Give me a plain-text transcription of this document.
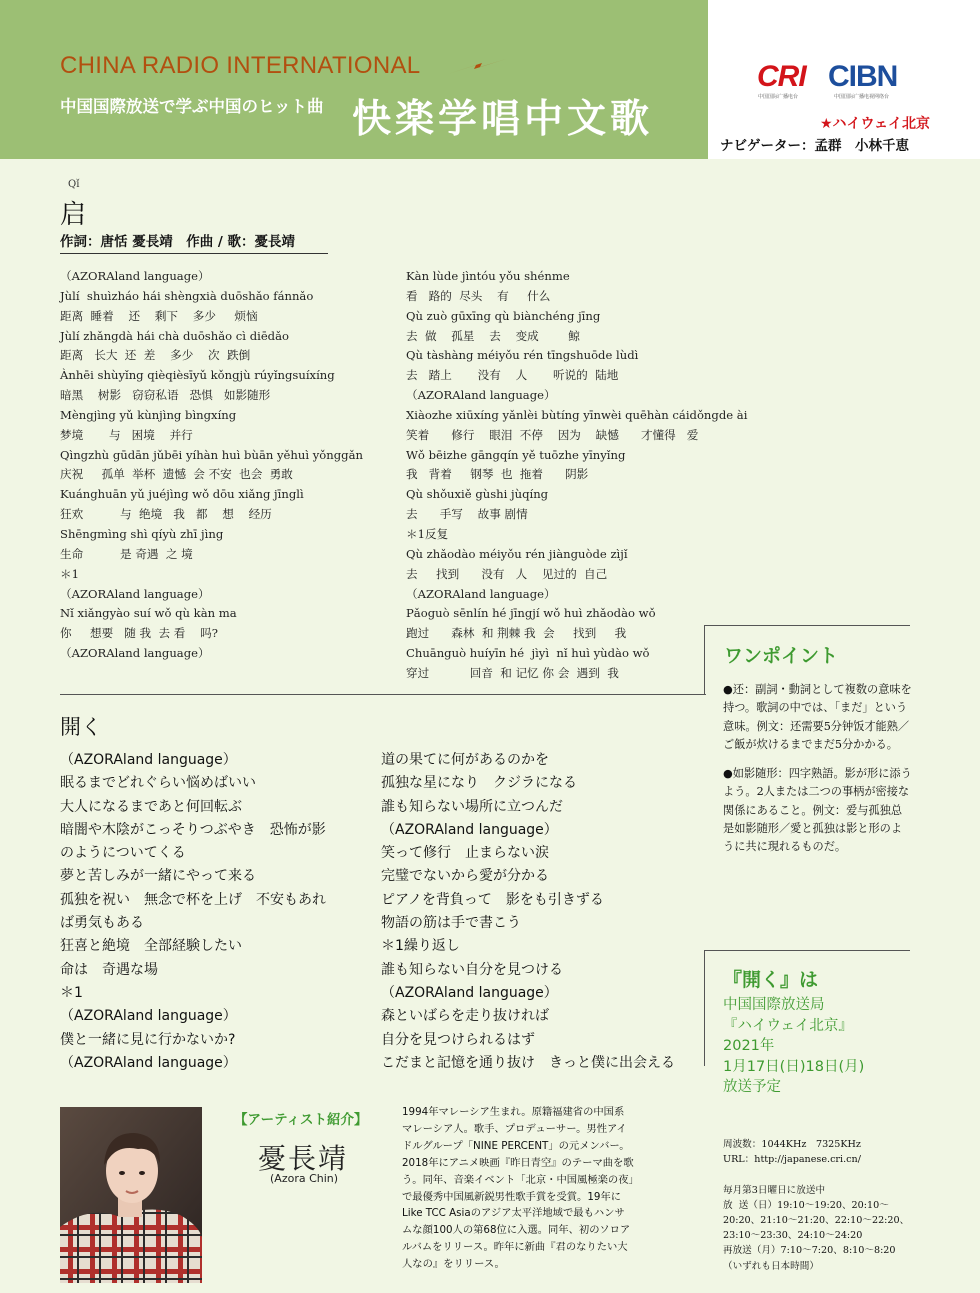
CHINA RADIO INTERNATIONAL
中国国際放送で学ぶ中国のヒット曲 快楽学唱中文歌
CRI CIBN
中国国际广播电台	中国国际广播电视网络台
★ハイウェイ北京
ナビゲーター：孟群　小林千恵
Qǐ
启
作詞：唐恬 憂長靖　作曲 / 歌：憂長靖
（AZORAland language）
Jùlí  shuìzháo hái shèngxià duōshǎo fánnǎo
距离  睡着    还    剩下    多少     烦恼
Jùlí zhǎngdà hái chà duōshǎo cì diēdǎo
距离   长大  还  差    多少    次  跌倒
Ànhēi shùyǐng qièqièsīyǔ kǒngjù rúyǐngsuíxíng
暗黑    树影   窃窃私语   恐惧   如影随形
Mèngjìng yǔ kùnjìng bìngxíng
梦境       与   困境    并行
Qìngzhù gūdān jǔbēi yíhàn huì bùān yěhuì yǒnggǎn
庆祝     孤单  举杯  遗憾  会 不安  也会  勇敢
Kuánghuān yǔ juéjìng wǒ dōu xiǎng jīnglì
狂欢          与  绝境   我   都    想    经历
Shēngmìng shì qíyù zhī jìng
生命          是 奇遇  之 境
＊1
（AZORAland language）
Nǐ xiǎngyào suí wǒ qù kàn ma
你     想要   随 我  去 看    吗?
（AZORAland language）
Kàn lùde jìntóu yǒu shénme
看   路的  尽头    有     什么
Qù zuò gūxīng qù biànchéng jīng
去  做    孤星    去    变成        鲸
Qù tàshàng méiyǒu rén tīngshuōde lùdì
去   踏上       没有    人       听说的  陆地
（AZORAland language）
Xiàozhe xiūxíng yǎnlèi bùtíng yīnwèi quēhàn cáidǒngde ài
笑着      修行    眼泪  不停    因为    缺憾      才懂得   爱
Wǒ bēizhe gāngqín yě tuōzhe yīnyǐng
我   背着     钢琴  也  拖着      阴影
Qù shǒuxiě gùshi jùqíng
去      手写    故事 剧情
＊1反复
Qù zhǎodào méiyǒu rén jiànguòde zìjǐ
去     找到      没有   人    见过的  自己
（AZORAland language）
Pǎoguò sēnlín hé jīngjí wǒ huì zhǎodào wǒ
跑过      森林  和 荆棘 我  会     找到     我
Chuānguò huíyīn hé  jìyì  nǐ huì yùdào wǒ
穿过           回音  和 记忆 你 会  遇到  我
開く
（AZORAland language）
眠るまでどれぐらい悩めばいい
大人になるまであと何回転ぶ
暗闇や木陰がこっそりつぶやき　恐怖が影
のようについてくる
夢と苦しみが一緒にやって来る
孤独を祝い　無念で杯を上げ　不安もあれ
ば勇気もある
狂喜と絶境　全部経験したい
命は　奇遇な場
＊1
（AZORAland language）
僕と一緒に見に行かないか?
（AZORAland language）
道の果てに何があるのかを
孤独な星になり　クジラになる
誰も知らない場所に立つんだ
（AZORAland language）
笑って修行　止まらない涙
完璧でないから愛が分かる
ピアノを背負って　影をも引きずる
物語の筋は手で書こう
＊1繰り返し
誰も知らない自分を見つける
（AZORAland language）
森といばらを走り抜ければ
自分を見つけられるはず
こだまと記憶を通り抜け　きっと僕に出会える
ワンポイント

●还：副詞・動詞として複数の意味を持つ。歌詞の中では、「まだ」という意味。例文：还需要5分钟饭才能熟／ご飯が炊けるまでまだ5分かかる。

●如影随形：四字熟語。影が形に添うよう。2人または二つの事柄が密接な関係にあること。例文：爱与孤独总是如影随形／愛と孤独は影と形のように共に現れるものだ。

『開く』は
中国国際放送局
『ハイウェイ北京』
2021年
1月17日(日)18日(月)
放送予定
【アーティスト紹介】
憂長靖
(Azora Chin)
1994年マレーシア生まれ。原籍福建省の中国系マレーシア人。歌手、プロデューサー。男性アイドルグループ「NINE PERCENT」の元メンバー。2018年にアニメ映画『昨日青空』のテーマ曲を歌う。同年、音楽イベント「北京・中国風極楽の夜」で最優秀中国風新鋭男性歌手賞を受賞。19年にLike TCC Asiaのアジア太平洋地域で最もハンサムな顔100人の第68位に入選。同年、初のソロアルバムをリリース。昨年に新曲『君のなりたい大人なの』をリリース。
周波数：1044KHz　7325KHz
URL：http://japanese.cri.cn/

毎月第3日曜日に放送中
放  送（日）19:10～19:20、20:10～
20:20、21:10～21:20、22:10～22:20、
23:10～23:30、24:10～24:20
再放送（月）7:10～7:20、8:10～8:20
（いずれも日本時間）
